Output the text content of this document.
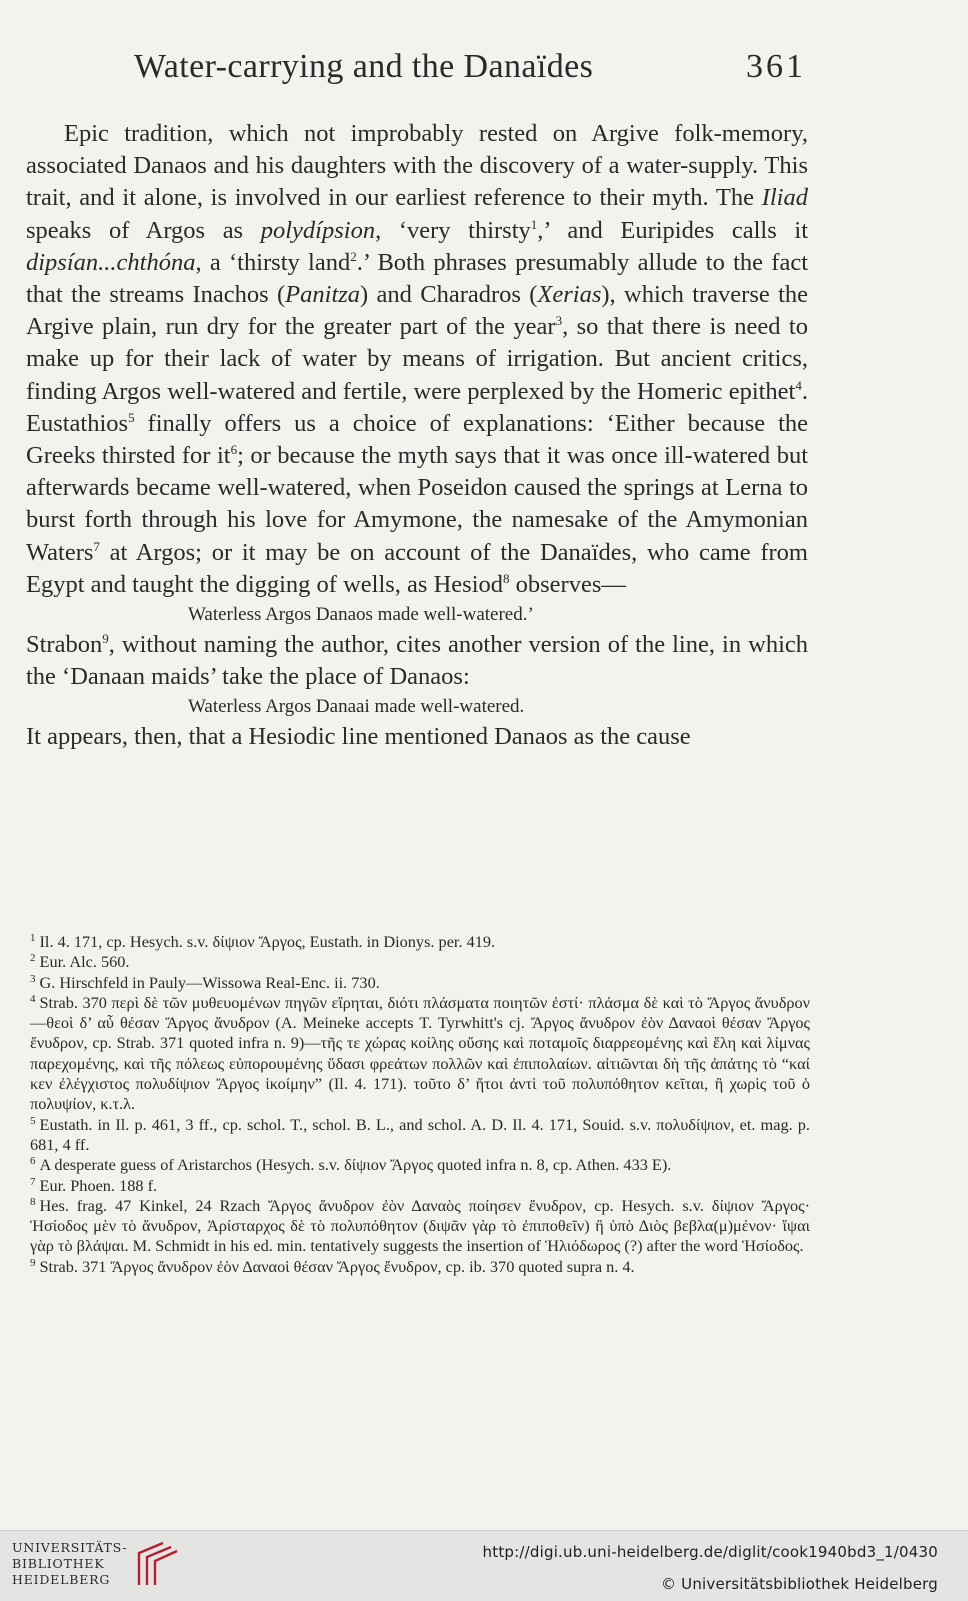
Water-carrying and the Danaïdes	361

Epic tradition, which not improbably rested on Argive folk-memory, associated Danaos and his daughters with the discovery of a water-supply. This trait, and it alone, is involved in our earliest reference to their myth. The Iliad speaks of Argos as polydípsion, ‘very thirsty$^1$,’ and Euripides calls it dipsían...chthóna, a ‘thirsty land$^2$.’ Both phrases presumably allude to the fact that the streams Inachos (Panitza) and Charadros (Xerias), which traverse the Argive plain, run dry for the greater part of the year$^3$, so that there is need to make up for their lack of water by means of irrigation. But ancient critics, finding Argos well-watered and fertile, were perplexed by the Homeric epithet$^4$. Eustathios$^5$ finally offers us a choice of explanations: ‘Either because the Greeks thirsted for $it^6$; or because the myth says that it was once ill-watered but afterwards became well-watered, when Poseidon caused the springs at Lerna to burst forth through his love for Amymone, the namesake of the Amymonian Waters$^7$ at Argos; or it may be on account of the Danaïdes, who came from Egypt and taught the digging of wells, as Hesiod$^8$ observes—

Waterless Argos Danaos made well-watered.’

Strabon$^9$, without naming the author, cites another version of the line, in which the ‘Danaan maids’ take the place of Danaos:

Waterless Argos Danaai made well-watered.

It appears, then, that a Hesiodic line mentioned Danaos as the cause

$^1$ Il. 4. 171, cp. Hesych. s.v. δίψιον Ἄργος, Eustath. in Dionys. per. 419.

$^2$ Eur. Alc. 560.

$^3$ G. Hirschfeld in Pauly—Wissowa Real-Enc. ii. 730.

$^4$ Strab. 370 περὶ δὲ τῶν μυθευομένων πηγῶν εἴρηται, διότι πλάσματα ποιητῶν ἐστί· πλάσμα δὲ καὶ τὸ Ἄργος ἄνυδρον—θεοὶ δ’ αὖ θέσαν Ἄργος ἄνυδρον (A. Meineke accepts T. Tyrwhitt's cj. Ἄργος ἄνυδρον ἐὸν Δαναοὶ θέσαν Ἄργος ἔνυδρον, cp. Strab. 371 quoted infra n. 9)—τῆς τε χώρας κοίλης οὔσης καὶ ποταμοῖς διαρρεομένης καὶ ἕλη καὶ λίμνας παρεχομένης, καὶ τῆς πόλεως εὐπορουμένης ὕδασι φρεάτων πολλῶν καὶ ἐπιπολαίων. αἰτιῶνται δὴ τῆς ἀπάτης τὸ “καί κεν ἐλέγχιστος πολυδίψιον Ἄργος ἱκοίμην” (Il. 4. 171). τοῦτο δ’ ἤτοι ἀντὶ τοῦ πολυπόθητον κεῖται, ἢ χωρὶς τοῦ ὁ πολυψίον, κ.τ.λ.

$^5$ Eustath. in Il. p. 461, 3 ff., cp. schol. T., schol. B. L., and schol. A. D. Il. 4. 171, Souid. s.v. πολυδίψιον, et. mag. p. 681, 4 ff.

$^6$ A desperate guess of Aristarchos (Hesych. s.v. δίψιον Ἄργος quoted infra n. 8, cp. Athen. 433 E).

$^7$ Eur. Phoen. 188 f.

$^8$ Hes. frag. 47 Kinkel, 24 Rzach Ἄργος ἄνυδρον ἐὸν Δαναὸς ποίησεν ἔνυδρον, cp. Hesych. s.v. δίψιον Ἄργος· Ἡσίοδος μὲν τὸ ἄνυδρον, Ἀρίσταρχος δὲ τὸ πολυπόθητον (διψᾶν γὰρ τὸ ἐπιποθεῖν) ἢ ὑπὸ Διὸς βεβλα(μ)μένον· ἴψαι γὰρ τὸ βλάψαι. M. Schmidt in his ed. min. tentatively suggests the insertion of Ἡλιόδωρος (?) after the word Ἡσίοδος.

$^9$ Strab. 371 Ἄργος ἄνυδρον ἐὸν Δαναοὶ θέσαν Ἄργος ἔνυδρον, cp. ib. 370 quoted supra n. 4.

UNIVERSITÄTS-
BIBLIOTHEK
HEIDELBERG
http://digi.ub.uni-heidelberg.de/diglit/cook1940bd3_1/0430
© Universitätsbibliothek Heidelberg
